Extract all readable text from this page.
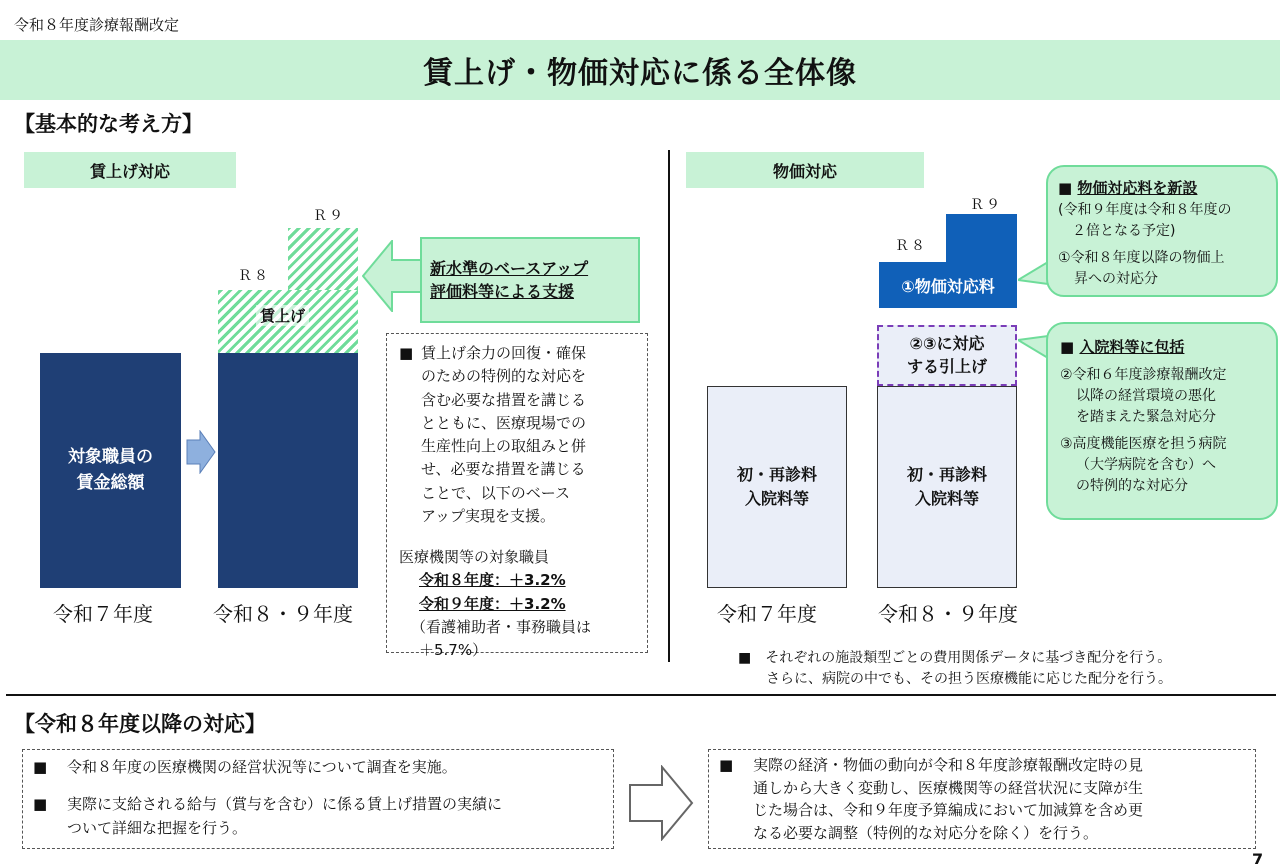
令和８年度診療報酬改定
賃上げ・物価対応に係る全体像
【基本的な考え方】
賃上げ対応	物価対応
Ｒ９
Ｒ８
対象職員の
賃金総額
賃上げ
令和７年度	令和８・９年度
新水準のベースアップ
評価料等による支援
■ 賃上げ余力の回復・確保
のための特例的な対応を
含む必要な措置を講じる
とともに、医療現場での
生産性向上の取組みと併
せ、必要な措置を講じる
ことで、以下のベース
アップ実現を支援。
医療機関等の対象職員
令和８年度：＋3.2%
令和９年度：＋3.2%
（看護補助者・事務職員は
＋5.7%）
Ｒ９
Ｒ８
①物価対応料
②③に対応
する引上げ
初・再診料
入院料等
初・再診料
入院料等
令和７年度	令和８・９年度
■ 物価対応料を新設
(令和９年度は令和８年度の
２倍となる予定)
①令和８年度以降の物価上
昇への対応分
■ 入院料等に包括
②令和６年度診療報酬改定
以降の経営環境の悪化
を踏まえた緊急対応分
③高度機能医療を担う病院
（大学病院を含む）へ
の特例的な対応分
■　それぞれの施設類型ごとの費用関係データに基づき配分を行う。
　　さらに、病院の中でも、その担う医療機能に応じた配分を行う。
【令和８年度以降の対応】
■	令和８年度の医療機関の経営状況等について調査を実施。
■	実際に支給される給与（賞与を含む）に係る賃上げ措置の実績に
ついて詳細な把握を行う。
■	実際の経済・物価の動向が令和８年度診療報酬改定時の見
通しから大きく変動し、医療機関等の経営状況に支障が生
じた場合は、令和９年度予算編成において加減算を含め更
なる必要な調整（特例的な対応分を除く）を行う。
7
